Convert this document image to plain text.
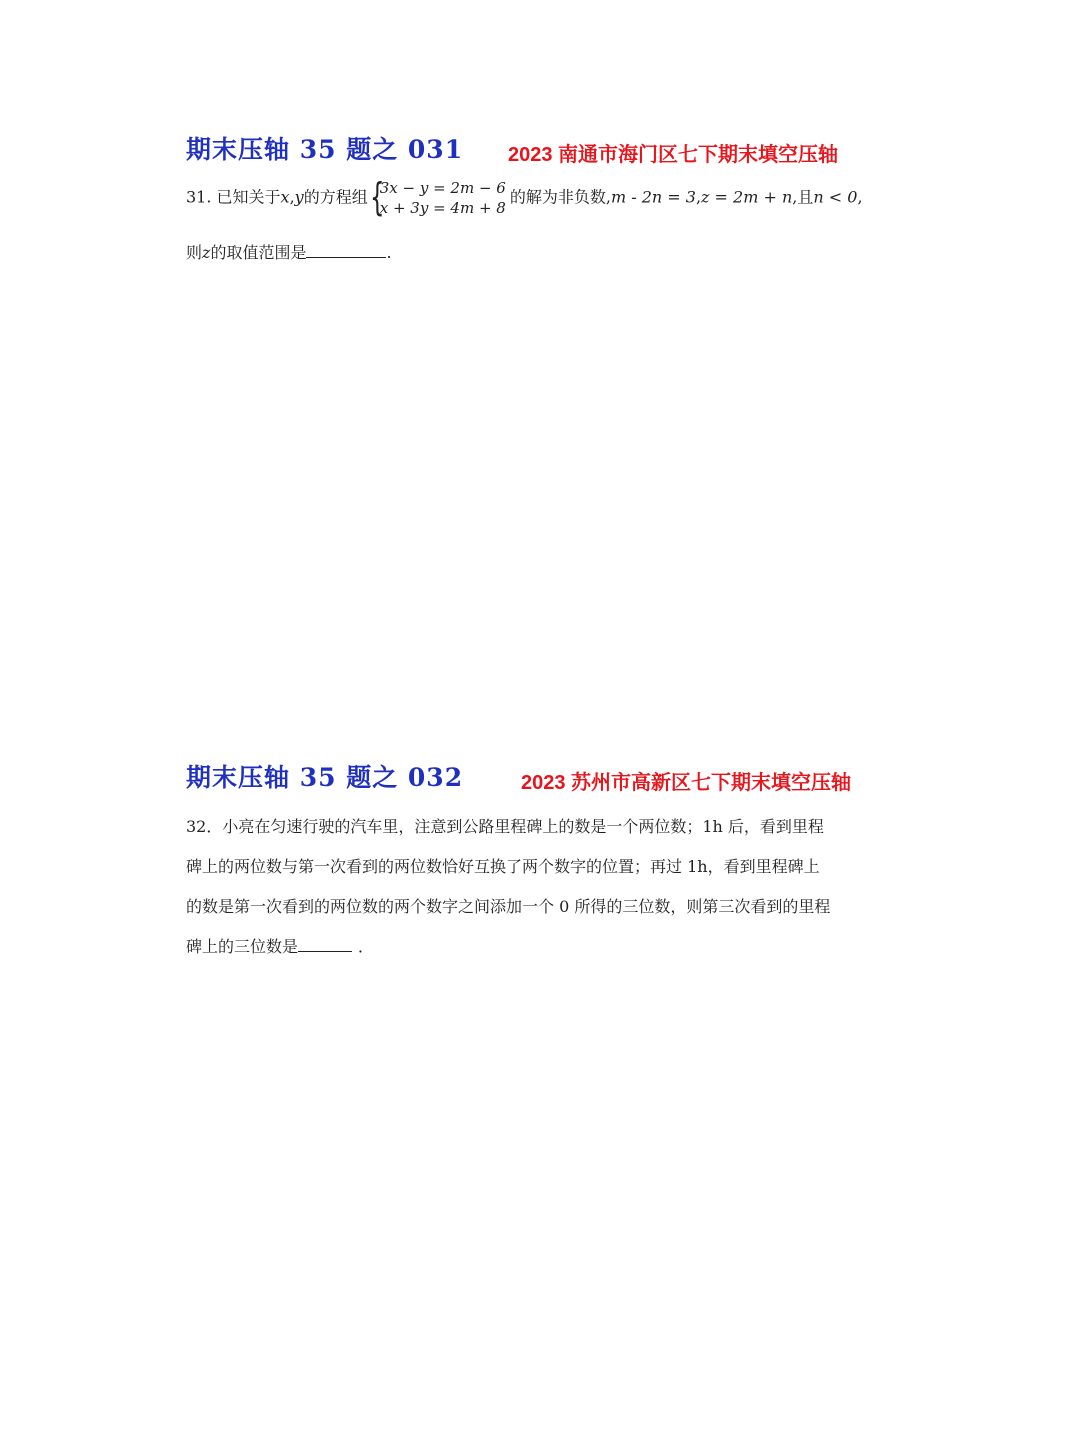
期末压轴 35 题之 031 2023 南通市海门区七下期末填空压轴
31. 已知关于x,y的方程组 {
3x − y = 2m − 6
x + 3y = 4m + 8
的解为非负数,m - 2n = 3,z = 2m + n,且n < 0,
则z的取值范围是	.
期末压轴 35 题之 032	2023 苏州市高新区七下期末填空压轴
32．小亮在匀速行驶的汽车里，注意到公路里程碑上的数是一个两位数；1h 后，看到里程
碑上的两位数与第一次看到的两位数恰好互换了两个数字的位置；再过 1h，看到里程碑上
的数是第一次看到的两位数的两个数字之间添加一个 0 所得的三位数，则第三次看到的里程
碑上的三位数是	．
